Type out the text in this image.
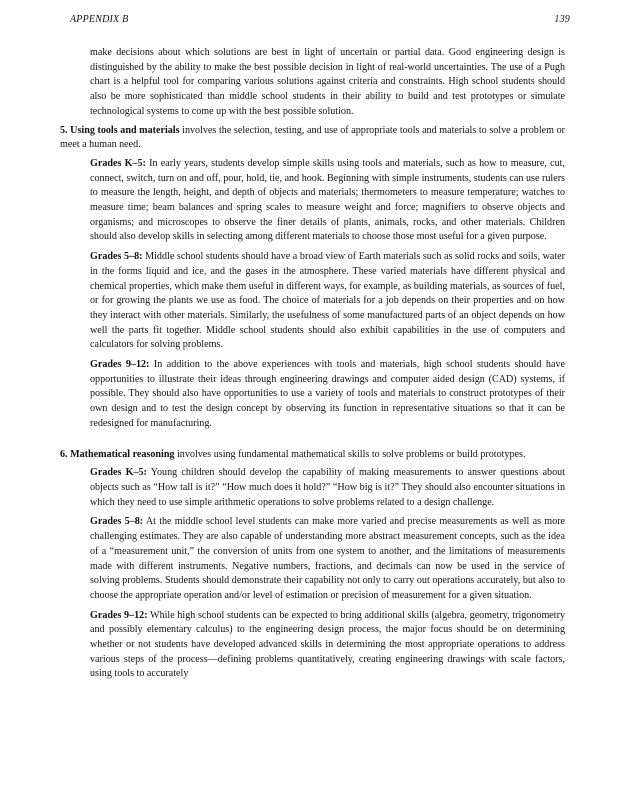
APPENDIX B	139

make decisions about which solutions are best in light of uncertain or partial data. Good engineering design is distinguished by the ability to make the best possible decision in light of real-world uncertainties. The use of a Pugh chart is a helpful tool for comparing various solutions against criteria and constraints. High school students should also be more sophisticated than middle school students in their ability to build and test prototypes or simulate technological systems to come up with the best possible solution.

5. Using tools and materials involves the selection, testing, and use of appropriate tools and materials to solve a problem or meet a human need.

Grades K–5: In early years, students develop simple skills using tools and materials, such as how to measure, cut, connect, switch, turn on and off, pour, hold, tie, and hook. Beginning with simple instruments, students can use rulers to measure the length, height, and depth of objects and materials; thermometers to measure temperature; watches to measure time; beam balances and spring scales to measure weight and force; magnifiers to observe objects and organisms; and microscopes to observe the finer details of plants, animals, rocks, and other materials. Children should also develop skills in selecting among different materials to choose those most useful for a given purpose.

Grades 5–8: Middle school students should have a broad view of Earth materials such as solid rocks and soils, water in the forms liquid and ice, and the gases in the atmosphere. These varied materials have different physical and chemical properties, which make them useful in different ways, for example, as building materials, as sources of fuel, or for growing the plants we use as food. The choice of materials for a job depends on their properties and on how they interact with other materials. Similarly, the usefulness of some manufactured parts of an object depends on how well the parts fit together. Middle school students should also exhibit capabilities in the use of computers and calculators for solving problems.

Grades 9–12: In addition to the above experiences with tools and materials, high school students should have opportunities to illustrate their ideas through engineering drawings and computer aided design (CAD) systems, if possible. They should also have opportunities to use a variety of tools and materials to construct prototypes of their own design and to test the design concept by observing its function in representative situations so that it can be redesigned for manufacturing.

6. Mathematical reasoning involves using fundamental mathematical skills to solve problems or build prototypes.

Grades K–5: Young children should develop the capability of making measurements to answer questions about objects such as “How tall is it?” “How much does it hold?” “How big is it?” They should also encounter situations in which they need to use simple arithmetic operations to solve problems related to a design challenge.

Grades 5–8: At the middle school level students can make more varied and precise measurements as well as more challenging estimates. They are also capable of understanding more abstract measurement concepts, such as the idea of a “measurement unit,” the conversion of units from one system to another, and the limitations of measurements made with different instruments. Negative numbers, fractions, and decimals can now be used in the service of solving problems. Students should demonstrate their capability not only to carry out operations accurately, but also to choose the appropriate operation and/or level of estimation or precision of measurement for a given situation.

Grades 9–12: While high school students can be expected to bring additional skills (algebra, geometry, trigonometry and possibly elementary calculus) to the engineering design process, the major focus should be on determining whether or not students have developed advanced skills in determining the most appropriate operations to address various steps of the process—defining problems quantitatively, creating engineering drawings with scale factors, using tools to accurately
